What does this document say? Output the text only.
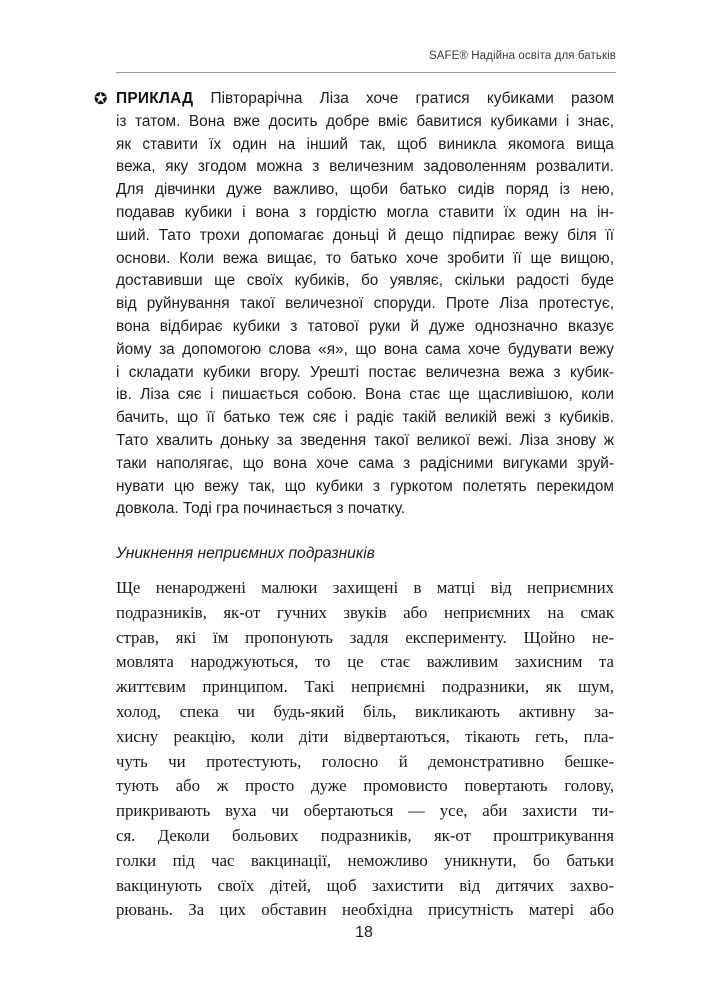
SAFE® Надійна освіта для батьків
✪ ПРИКЛАД Півторарічна Ліза хоче гратися кубиками разом
із татом. Вона вже досить добре вміє бавитися кубиками і знає,
як ставити їх один на інший так, щоб виникла якомога вища
вежа, яку згодом можна з величезним задоволенням розвалити.
Для дівчинки дуже важливо, щоби батько сидів поряд із нею,
подавав кубики і вона з гордістю могла ставити їх один на ін-
ший. Тато трохи допомагає доньці й дещо підпирає вежу біля її
основи. Коли вежа вищає, то батько хоче зробити її ще вищою,
доставивши ще своїх кубиків, бо уявляє, скільки радості буде
від руйнування такої величезної споруди. Проте Ліза протестує,
вона відбирає кубики з татової руки й дуже однозначно вказує
йому за допомогою слова «я», що вона сама хоче будувати вежу
і складати кубики вгору. Урешті постає величезна вежа з кубик-
ів. Ліза сяє і пишається собою. Вона стає ще щасливішою, коли
бачить, що її батько теж сяє і радіє такій великій вежі з кубиків.
Тато хвалить доньку за зведення такої великої вежі. Ліза знову ж
таки наполягає, що вона хоче сама з радісними вигуками зруй-
нувати цю вежу так, що кубики з гуркотом полетять перекидом
довкола. Тоді гра починається з початку.
Уникнення неприємних подразників
Ще ненароджені малюки захищені в матці від неприємних
подразників, як-от гучних звуків або неприємних на смак
страв, які їм пропонують задля експерименту. Щойно не-
мовлята народжуються, то це стає важливим захисним та
життєвим принципом. Такі неприємні подразники, як шум,
холод, спека чи будь-який біль, викликають активну за-
хисну реакцію, коли діти відвертаються, тікають геть, пла-
чуть чи протестують, голосно й демонстративно бешке-
тують або ж просто дуже промовисто повертають голову,
прикривають вуха чи обертаються — усе, аби захисти ти-
ся. Деколи больових подразників, як-от проштрикування
голки під час вакцинації, неможливо уникнути, бо батьки
вакцинують своїх дітей, щоб захистити від дитячих захво-
рювань. За цих обставин необхідна присутність матері або
18
